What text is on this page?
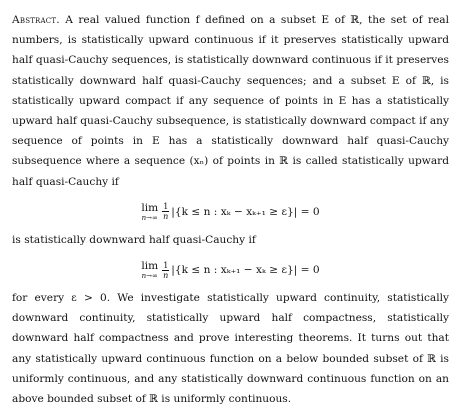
Abstract. A real valued function f defined on a subset E of ℝ, the set of real numbers, is statistically upward continuous if it preserves statistically upward half quasi-Cauchy sequences, is statistically downward continuous if it preserves statistically downward half quasi-Cauchy sequences; and a subset E of ℝ, is statistically upward compact if any sequence of points in E has a statistically upward half quasi-Cauchy subsequence, is statistically downward compact if any sequence of points in E has a statistically downward half quasi-Cauchy subsequence where a sequence (xₙ) of points in ℝ is called statistically upward half quasi-Cauchy if

lim
$n\to\infty \frac{1}{n} |\{k \le n$ : xₖ − xₖ₊₁ ≥ ε}| = 0

is statistically downward half quasi-Cauchy if

lim
$n\to\infty \frac{1}{n} |\{k \le n$ : xₖ₊₁ − xₖ ≥ ε}| = 0

for every ε > 0. We investigate statistically upward continuity, statistically downward continuity, statistically upward half compactness, statistically downward half compactness and prove interesting theorems. It turns out that any statistically upward continuous function on a below bounded subset of ℝ is uniformly continuous, and any statistically downward continuous function on an above bounded subset of ℝ is uniformly continuous.
